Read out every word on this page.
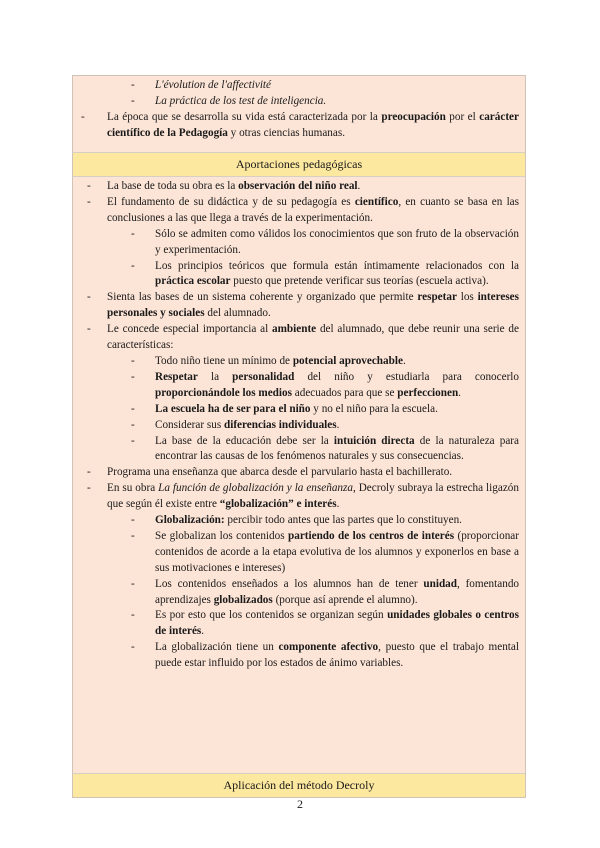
- L'évolution de l'affectivité
- La práctica de los test de inteligencia.
- La época que se desarrolla su vida está caracterizada por la preocupación por el carácter científico de la Pedagogía y otras ciencias humanas.
Aportaciones pedagógicas
- La base de toda su obra es la observación del niño real.
- El fundamento de su didáctica y de su pedagogía es científico, en cuanto se basa en las conclusiones a las que llega a través de la experimentación.
- Sólo se admiten como válidos los conocimientos que son fruto de la observación y experimentación.
- Los principios teóricos que formula están íntimamente relacionados con la práctica escolar puesto que pretende verificar sus teorías (escuela activa).
- Sienta las bases de un sistema coherente y organizado que permite respetar los intereses personales y sociales del alumnado.
- Le concede especial importancia al ambiente del alumnado, que debe reunir una serie de características:
- Todo niño tiene un mínimo de potencial aprovechable.
- Respetar la personalidad del niño y estudiarla para conocerlo proporcionándole los medios adecuados para que se perfeccionen.
- La escuela ha de ser para el niño y no el niño para la escuela.
- Considerar sus diferencias individuales.
- La base de la educación debe ser la intuición directa de la naturaleza para encontrar las causas de los fenómenos naturales y sus consecuencias.
- Programa una enseñanza que abarca desde el parvulario hasta el bachillerato.
- En su obra La función de globalización y la enseñanza, Decroly subraya la estrecha ligazón que según él existe entre “globalización” e interés.
- Globalización: percibir todo antes que las partes que lo constituyen.
- Se globalizan los contenidos partiendo de los centros de interés (proporcionar contenidos de acorde a la etapa evolutiva de los alumnos y exponerlos en base a sus motivaciones e intereses)
- Los contenidos enseñados a los alumnos han de tener unidad, fomentando aprendizajes globalizados (porque así aprende el alumno).
- Es por esto que los contenidos se organizan según unidades globales o centros de interés.
- La globalización tiene un componente afectivo, puesto que el trabajo mental puede estar influido por los estados de ánimo variables.
Aplicación del método Decroly
2
